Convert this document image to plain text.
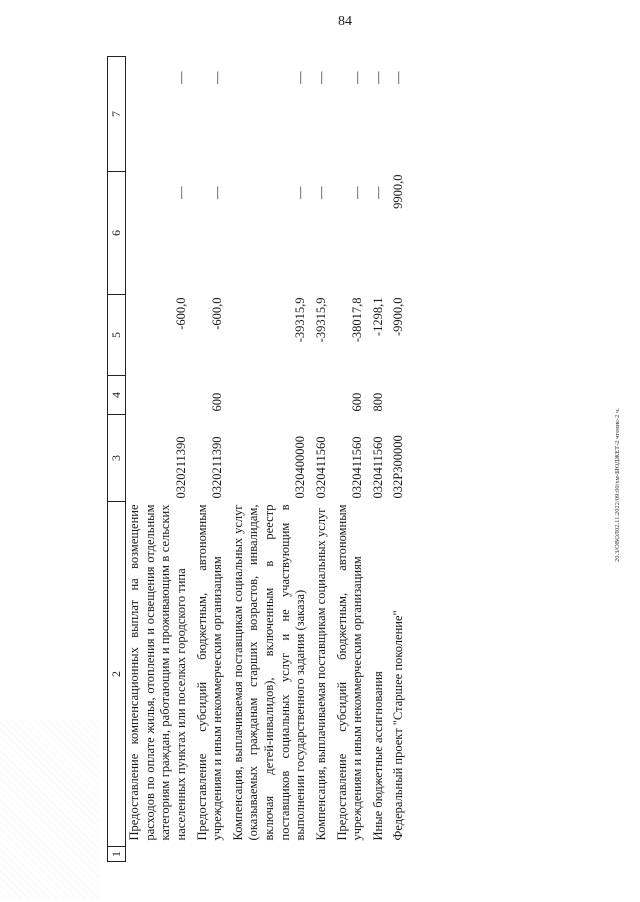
84
20.3/ОВОЛ02.11.2022/09:00/хм-БЮДЖЕТ-2 чтение-2 ч.
1	2	3	4	5	6	7
	Предоставление компенсационных выплат на возмещение расходов по оплате жилья, отопления и освещения отдельным категориям граждан, работающим и проживающим в сельских населенных пунктах или поселках городского типа	0320211390		-600,0	—	—
	Предоставление субсидий бюджетным, автономным учреждениям и иным некоммерческим организациям	0320211390	600	-600,0	—	—
	Компенсация, выплачиваемая поставщикам социальных услуг (оказываемых гражданам старших возрастов, инвалидам, включая детей-инвалидов), включенным в реестр поставщиков социальных услуг и не участвующим в выполнении государственного задания (заказа)	0320400000		-39315,9	—	—
	Компенсация, выплачиваемая поставщикам социальных услуг	0320411560		-39315,9	—	—
	Предоставление субсидий бюджетным, автономным учреждениям и иным некоммерческим организациям	0320411560	600	-38017,8	—	—
	Иные бюджетные ассигнования	0320411560	800	-1298,1	—	—
	Федеральный проект "Старшее поколение"	032P300000		-9900,0	9900,0	—
